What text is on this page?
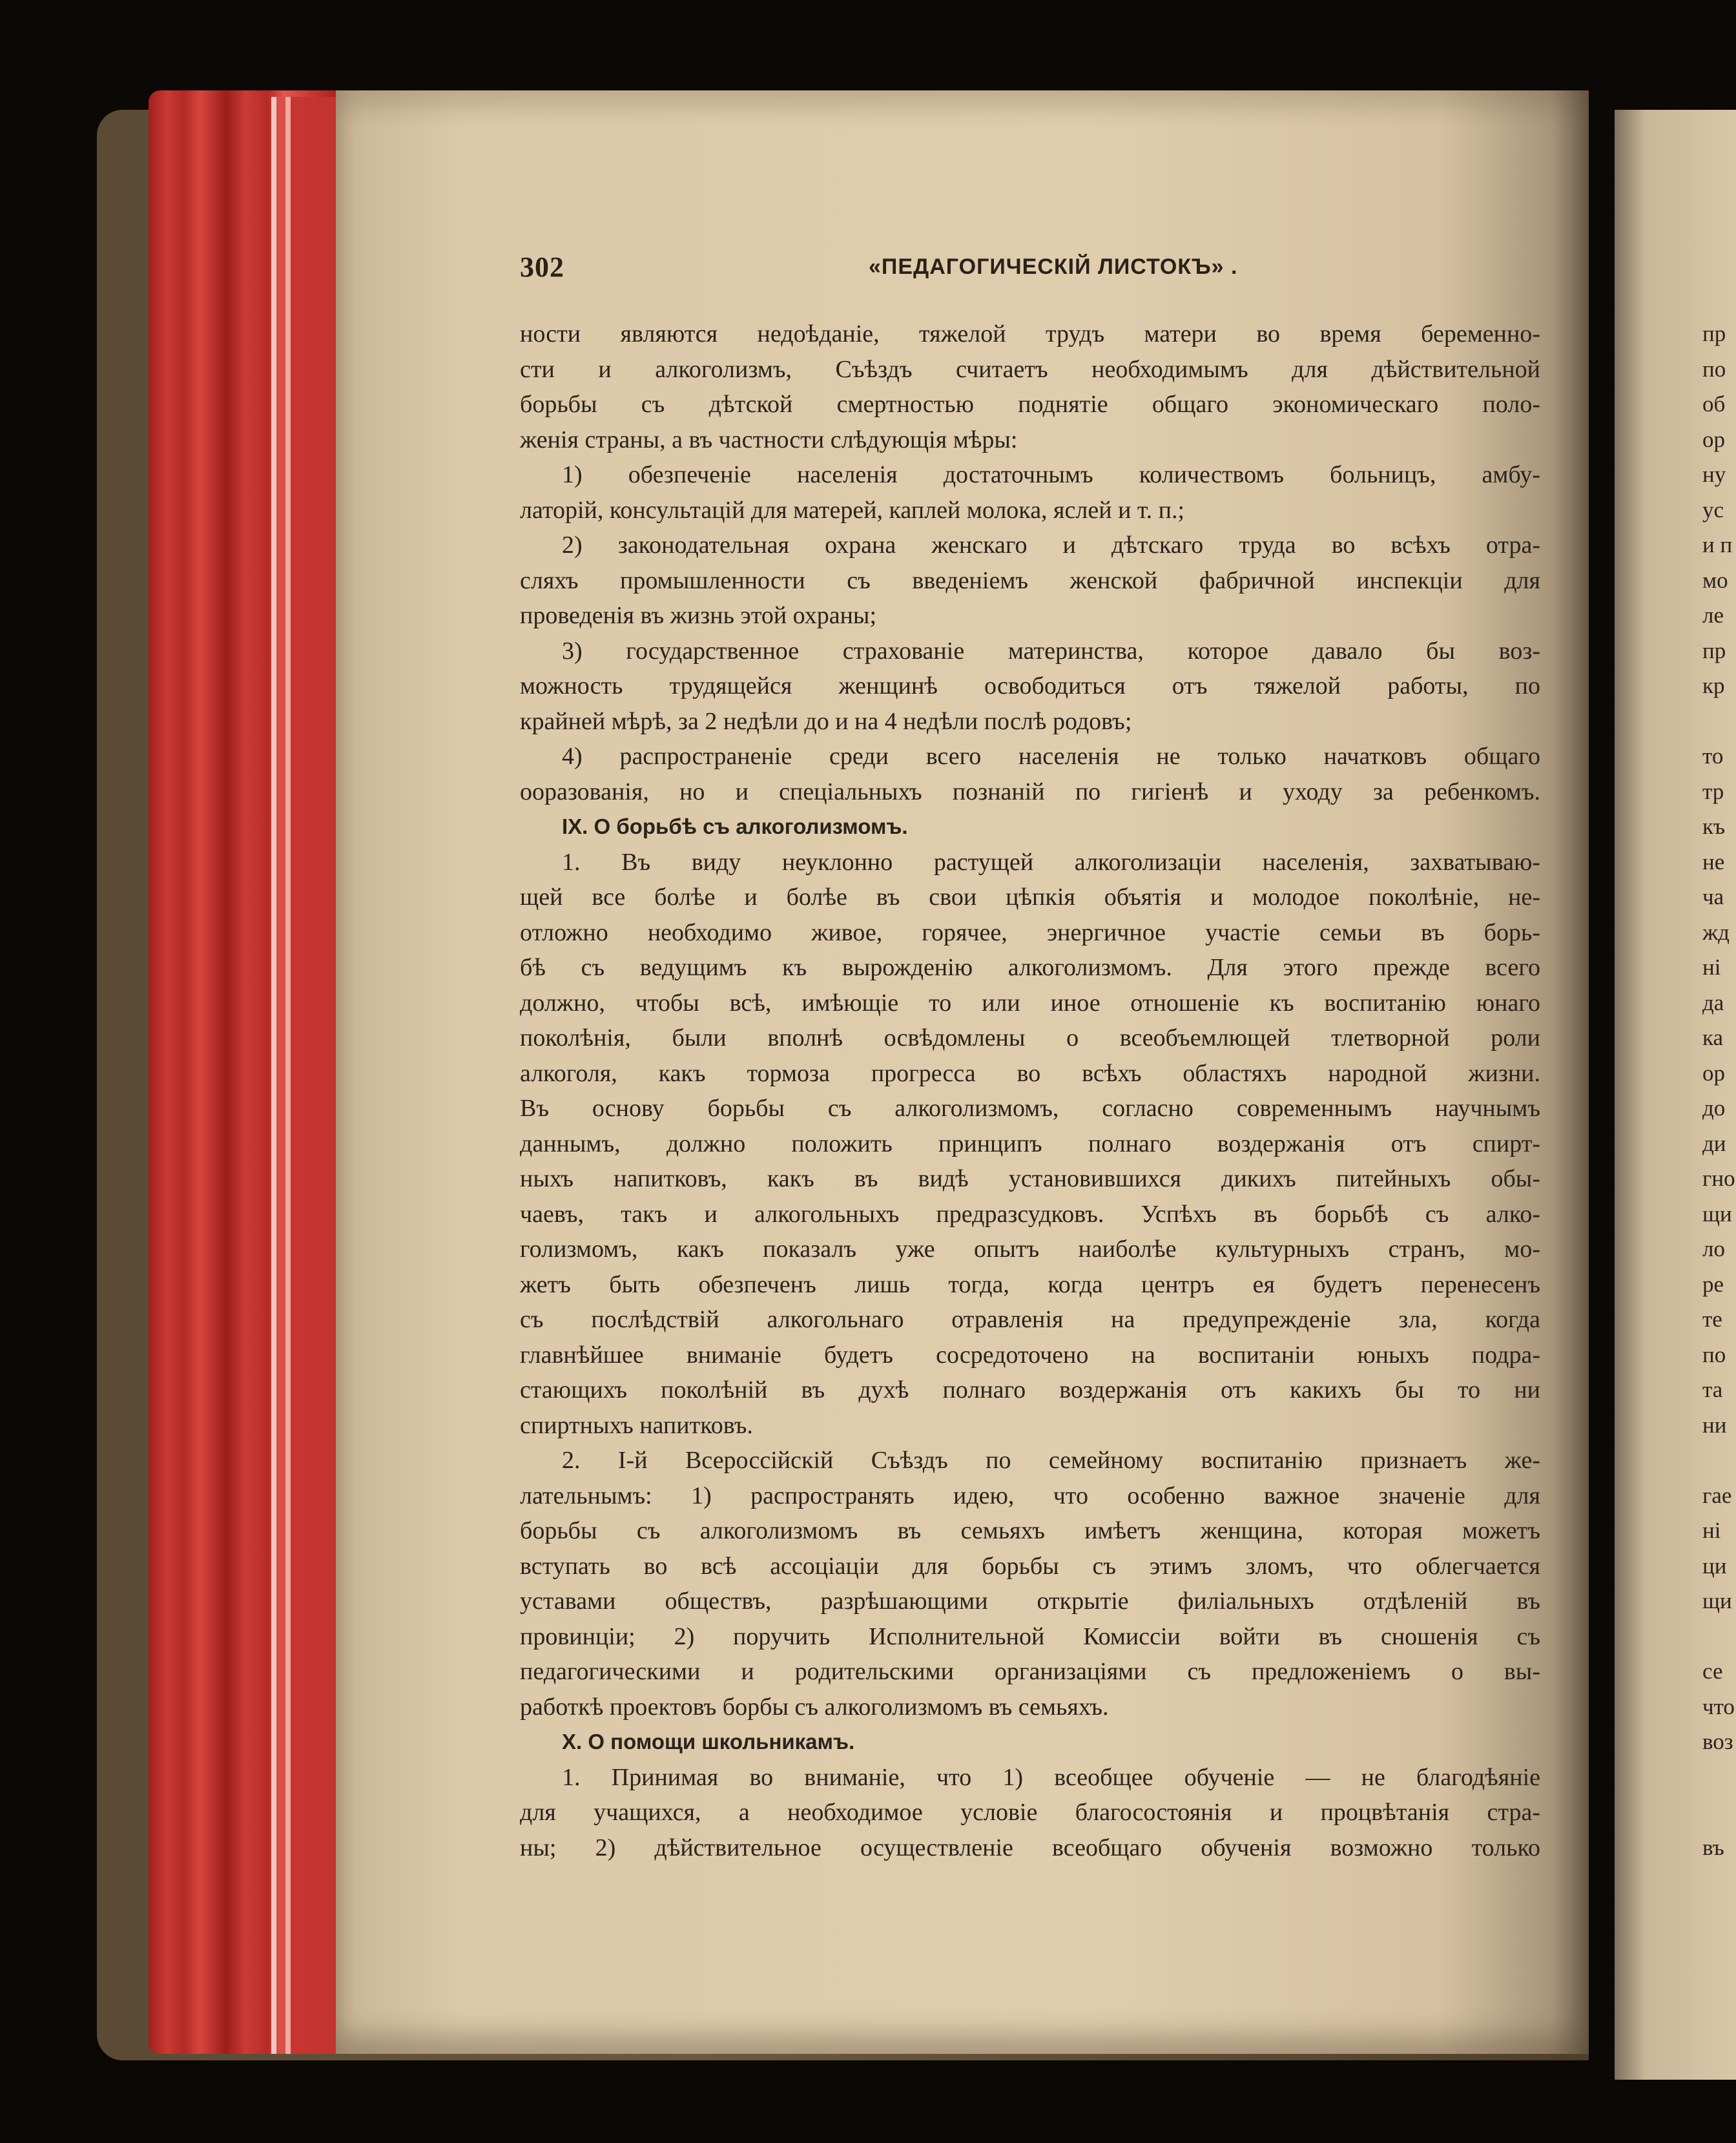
302	«ПЕДАГОГИЧЕСКІЙ ЛИСТОКЪ» .
ности являются недоѣданіе, тяжелой трудъ матери во время беременно-
сти и алкоголизмъ, Съѣздъ считаетъ необходимымъ для дѣйствительной
борьбы съ дѣтской смертностью поднятіе общаго экономическаго поло-
женія страны, а въ частности слѣдующія мѣры:
1) обезпеченіе населенія достаточнымъ количествомъ больницъ, амбу-
латорій, консультацій для матерей, каплей молока, яслей и т. п.;
2) законодательная охрана женскаго и дѣтскаго труда во всѣхъ отра-
сляхъ промышленности съ введеніемъ женской фабричной инспекціи для
проведенія въ жизнь этой охраны;
3) государственное страхованіе материнства, которое давало бы воз-
можность трудящейся женщинѣ освободиться отъ тяжелой работы, по
крайней мѣрѣ, за 2 недѣли до и на 4 недѣли послѣ родовъ;
4) распространеніе среди всего населенія не только начатковъ общаго
ооразованія, но и спеціальныхъ познаній по гигіенѣ и уходу за ребенкомъ.
IX. О борьбѣ съ алкоголизмомъ.
1. Въ виду неуклонно растущей алкоголизаціи населенія, захватываю-
щей все болѣе и болѣе въ свои цѣпкія объятія и молодое поколѣніе, не-
отложно необходимо живое, горячее, энергичное участіе семьи въ борь-
бѣ съ ведущимъ къ вырожденію алкоголизмомъ. Для этого прежде всего
должно, чтобы всѣ, имѣющіе то или иное отношеніе къ воспитанію юнаго
поколѣнія, были вполнѣ освѣдомлены о всеобъемлющей тлетворной роли
алкоголя, какъ тормоза прогресса во всѣхъ областяхъ народной жизни.
Въ основу борьбы съ алкоголизмомъ, согласно современнымъ научнымъ
даннымъ, должно положить принципъ полнаго воздержанія отъ спирт-
ныхъ напитковъ, какъ въ видѣ установившихся дикихъ питейныхъ обы-
чаевъ, такъ и алкогольныхъ предразсудковъ. Успѣхъ въ борьбѣ съ алко-
голизмомъ, какъ показалъ уже опытъ наиболѣе культурныхъ странъ, мо-
жетъ быть обезпеченъ лишь тогда, когда центръ ея будетъ перенесенъ
съ послѣдствій алкогольнаго отравленія на предупрежденіе зла, когда
главнѣйшее вниманіе будетъ сосредоточено на воспитаніи юныхъ подра-
стающихъ поколѣній въ духѣ полнаго воздержанія отъ какихъ бы то ни
спиртныхъ напитковъ.
2. I-й Всероссійскій Съѣздъ по семейному воспитанію признаетъ же-
лательнымъ: 1) распространять идею, что особенно важное значеніе для
борьбы съ алкоголизмомъ въ семьяхъ имѣетъ женщина, которая можетъ
вступать во всѣ ассоціаціи для борьбы съ этимъ зломъ, что облегчается
уставами обществъ, разрѣшающими открытіе филіальныхъ отдѣленій въ
провинціи; 2) поручить Исполнительной Комиссіи войти въ сношенія съ
педагогическими и родительскими организаціями съ предложеніемъ о вы-
работкѣ проектовъ борбы съ алкоголизмомъ въ семьяхъ.
X. О помощи школьникамъ.
1. Принимая во вниманіе, что 1) всеобщее обученіе — не благодѣяніе
для учащихся, а необходимое условіе благосостоянія и процвѣтанія стра-
ны; 2) дѣйствительное осуществленіе всеобщаго обученія возможно только
пр
по
об
ор
ну
ус
и п
мо
ле
пр
кр
то
тр
къ
не
ча
жд
ні
да
ка
ор
до
ди
гно
щи
ло
ре
те
по
та
ни
гае
ні
ци
щи
се
что
воз
въ
